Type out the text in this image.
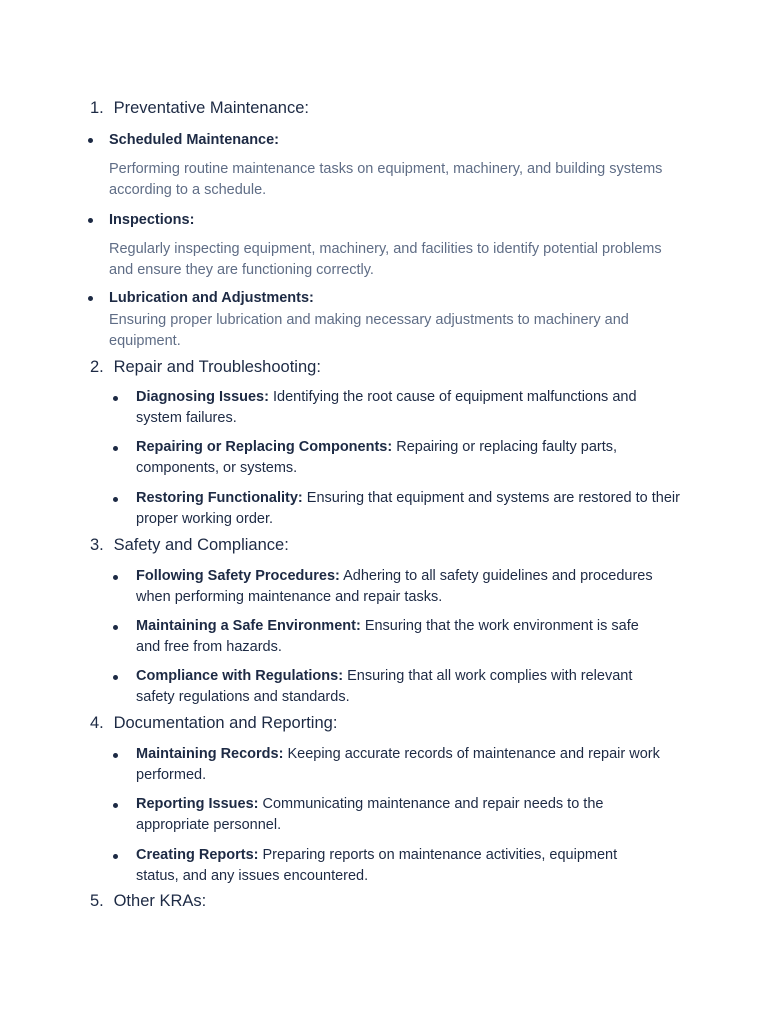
1. Preventative Maintenance:
Scheduled Maintenance:
Performing routine maintenance tasks on equipment, machinery, and building systems according to a schedule.
Inspections:
Regularly inspecting equipment, machinery, and facilities to identify potential problems and ensure they are functioning correctly.
Lubrication and Adjustments:
Ensuring proper lubrication and making necessary adjustments to machinery and equipment.
2. Repair and Troubleshooting:
Diagnosing Issues: Identifying the root cause of equipment malfunctions and system failures.
Repairing or Replacing Components: Repairing or replacing faulty parts, components, or systems.
Restoring Functionality: Ensuring that equipment and systems are restored to their proper working order.
3. Safety and Compliance:
Following Safety Procedures: Adhering to all safety guidelines and procedures when performing maintenance and repair tasks.
Maintaining a Safe Environment: Ensuring that the work environment is safe and free from hazards.
Compliance with Regulations: Ensuring that all work complies with relevant safety regulations and standards.
4. Documentation and Reporting:
Maintaining Records: Keeping accurate records of maintenance and repair work performed.
Reporting Issues: Communicating maintenance and repair needs to the appropriate personnel.
Creating Reports: Preparing reports on maintenance activities, equipment status, and any issues encountered.
5. Other KRAs:
